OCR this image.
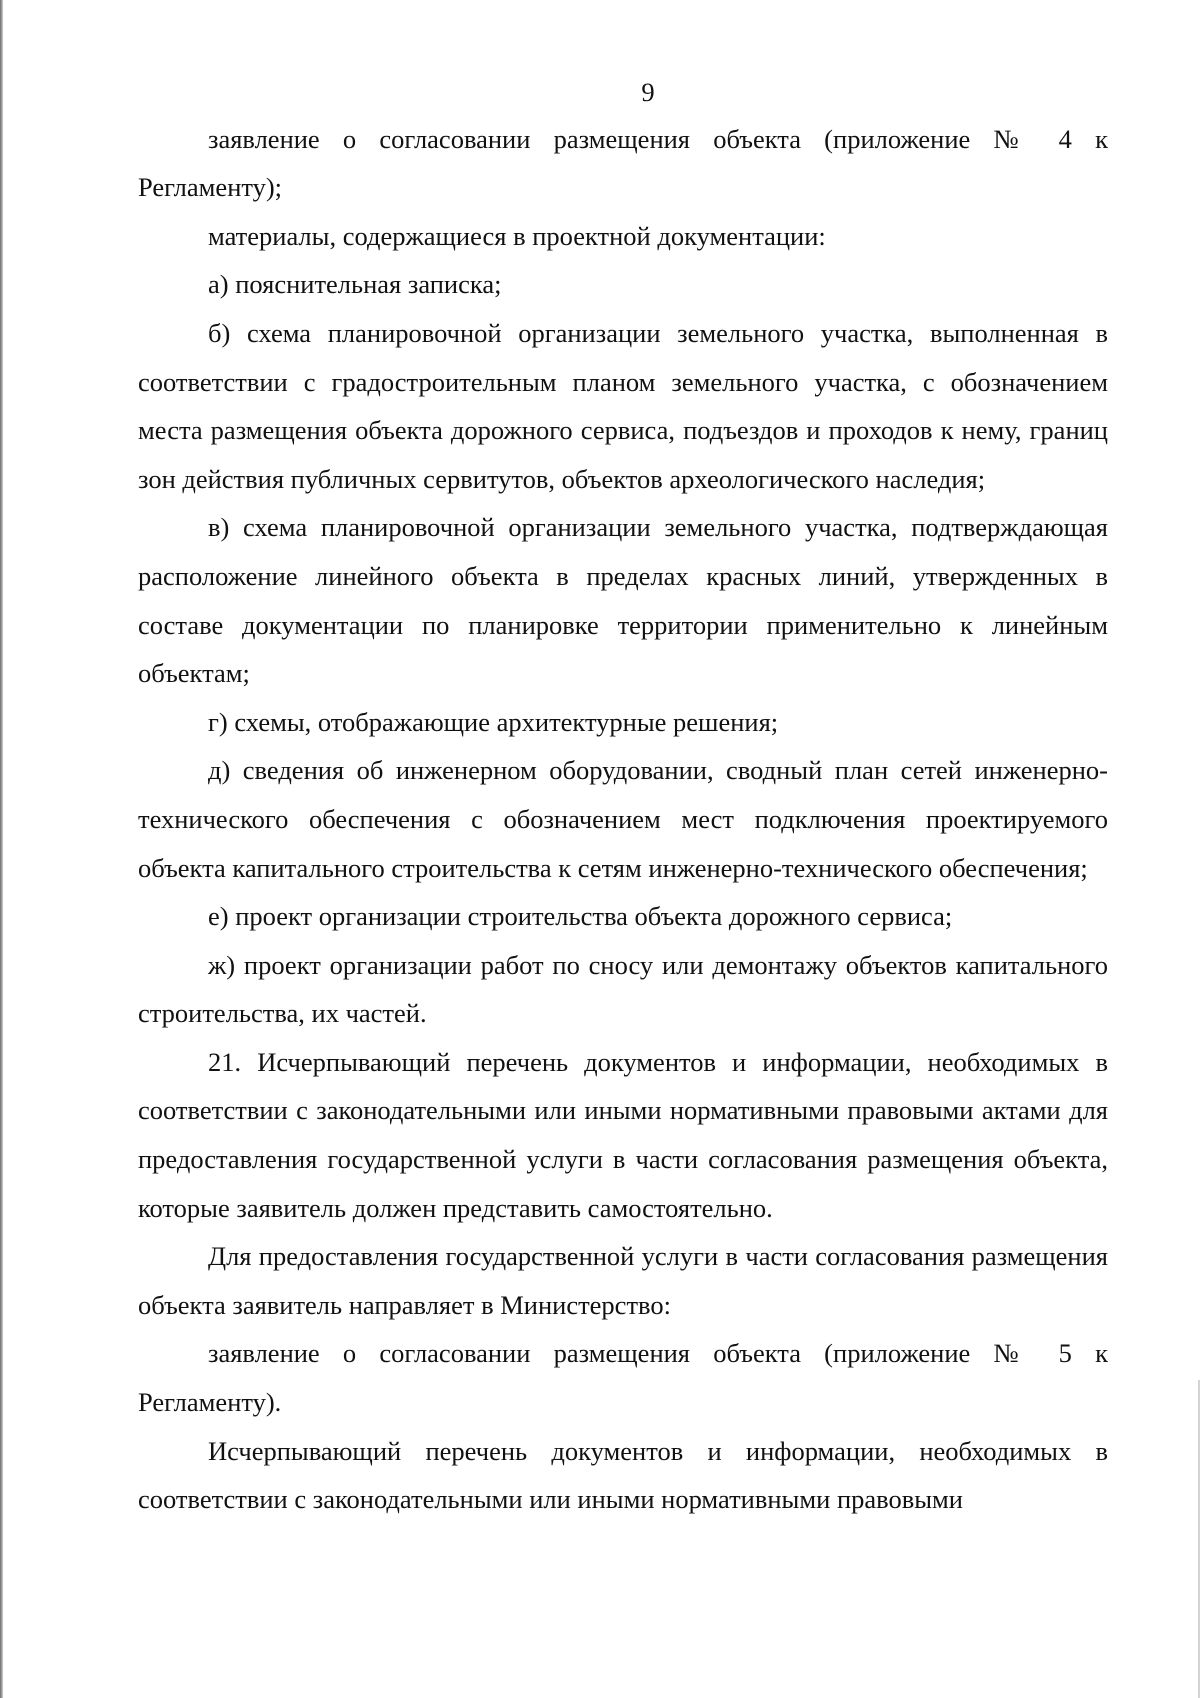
9

заявление о согласовании размещения объекта (приложение № 4 к Регламенту);

материалы, содержащиеся в проектной документации:

а) пояснительная записка;

б) схема планировочной организации земельного участка, выполненная в соответствии с градостроительным планом земельного участка, с обозначением места размещения объекта дорожного сервиса, подъездов и проходов к нему, границ зон действия публичных сервитутов, объектов археологического наследия;

в) схема планировочной организации земельного участка, подтверждающая расположение линейного объекта в пределах красных линий, утвержденных в составе документации по планировке территории применительно к линейным объектам;

г) схемы, отображающие архитектурные решения;

д) сведения об инженерном оборудовании, сводный план сетей инженерно-технического обеспечения с обозначением мест подключения проектируемого объекта капитального строительства к сетям инженерно-технического обеспечения;

е) проект организации строительства объекта дорожного сервиса;

ж) проект организации работ по сносу или демонтажу объектов капитального строительства, их частей.

21. Исчерпывающий перечень документов и информации, необходимых в соответствии с законодательными или иными нормативными правовыми актами для предоставления государственной услуги в части согласования размещения объекта, которые заявитель должен представить самостоятельно.

Для предоставления государственной услуги в части согласования размещения объекта заявитель направляет в Министерство:

заявление о согласовании размещения объекта (приложение № 5 к Регламенту).

Исчерпывающий перечень документов и информации, необходимых в соответствии с законодательными или иными нормативными правовыми
